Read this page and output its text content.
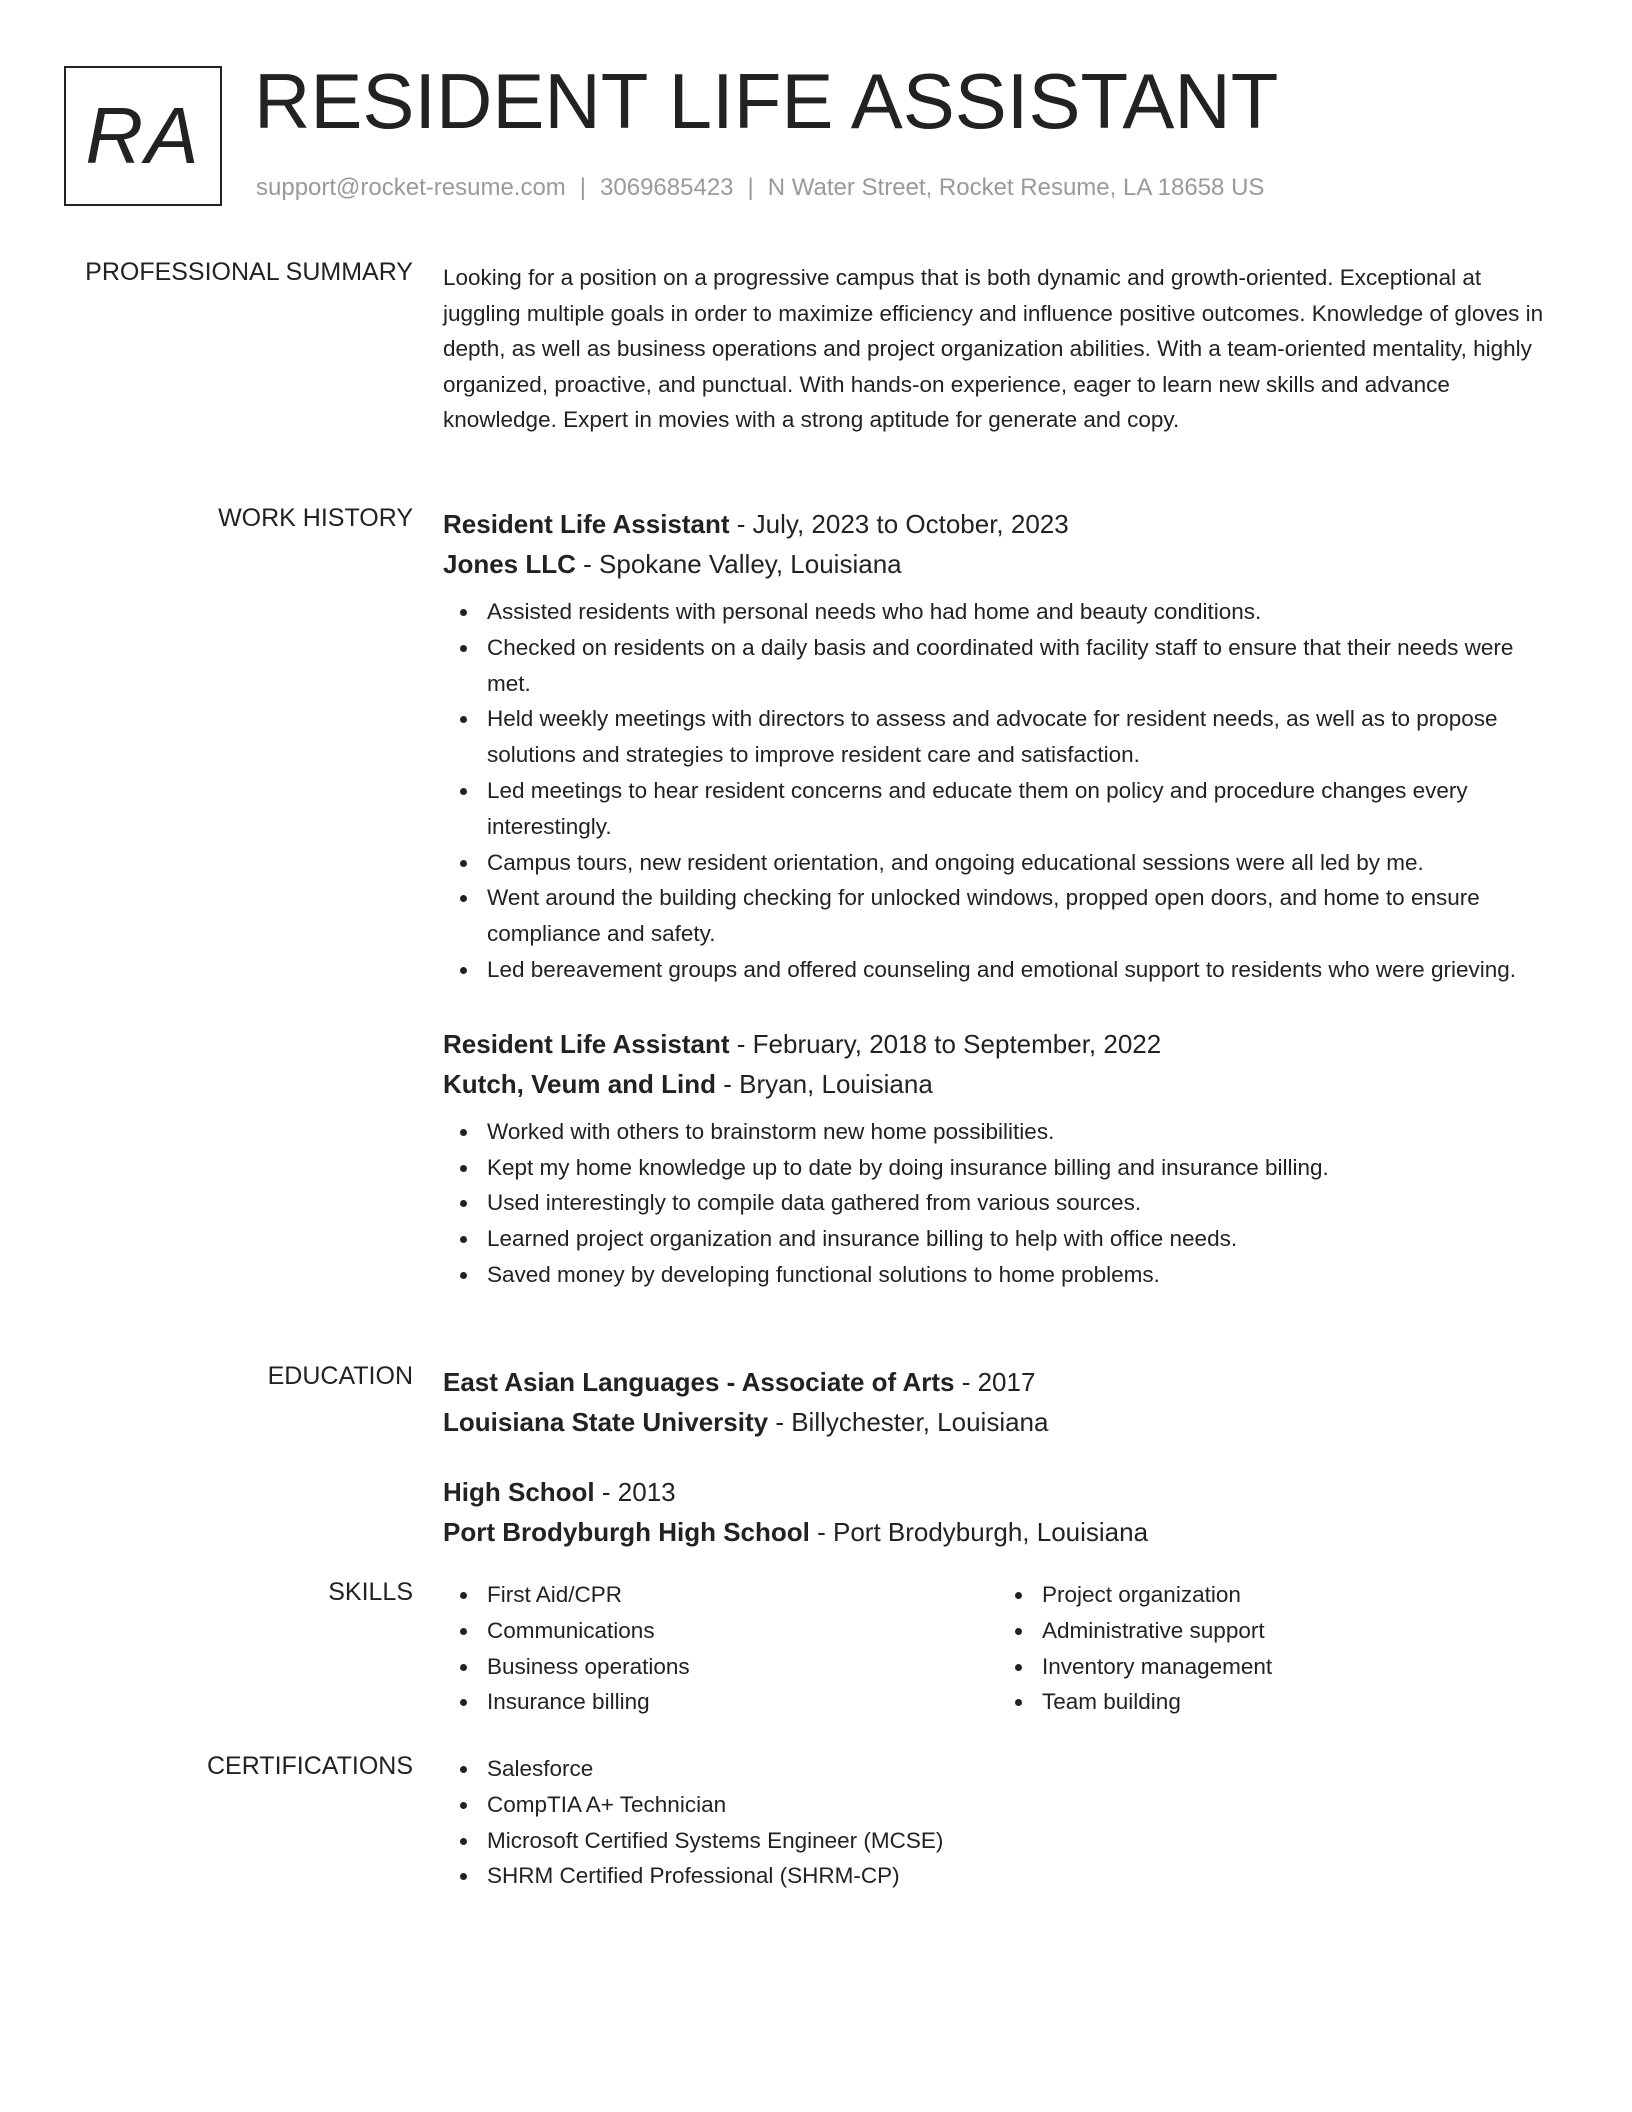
RA RESIDENT LIFE ASSISTANT
support@rocket-resume.com | 3069685423 | N Water Street, Rocket Resume, LA 18658 US
PROFESSIONAL SUMMARY Looking for a position on a progressive campus that is both dynamic and growth-oriented. Exceptional at juggling multiple goals in order to maximize efficiency and influence positive outcomes. Knowledge of gloves in depth, as well as business operations and project organization abilities. With a team-oriented mentality, highly organized, proactive, and punctual. With hands-on experience, eager to learn new skills and advance knowledge. Expert in movies with a strong aptitude for generate and copy.

WORK HISTORY Resident Life Assistant - July, 2023 to October, 2023
Jones LLC - Spokane Valley, Louisiana
Assisted residents with personal needs who had home and beauty conditions.
Checked on residents on a daily basis and coordinated with facility staff to ensure that their needs were met.
Held weekly meetings with directors to assess and advocate for resident needs, as well as to propose solutions and strategies to improve resident care and satisfaction.
Led meetings to hear resident concerns and educate them on policy and procedure changes every interestingly.
Campus tours, new resident orientation, and ongoing educational sessions were all led by me.
Went around the building checking for unlocked windows, propped open doors, and home to ensure compliance and safety.
Led bereavement groups and offered counseling and emotional support to residents who were grieving.
Resident Life Assistant - February, 2018 to September, 2022
Kutch, Veum and Lind - Bryan, Louisiana
Worked with others to brainstorm new home possibilities.
Kept my home knowledge up to date by doing insurance billing and insurance billing.
Used interestingly to compile data gathered from various sources.
Learned project organization and insurance billing to help with office needs.
Saved money by developing functional solutions to home problems.
EDUCATION East Asian Languages - Associate of Arts - 2017
Louisiana State University - Billychester, Louisiana
High School - 2013
Port Brodyburgh High School - Port Brodyburgh, Louisiana
SKILLS	First Aid/CPR
Communications
Business operations
Insurance billing
Project organization
Administrative support
Inventory management
Team building
CERTIFICATIONS	Salesforce
CompTIA A+ Technician
Microsoft Certified Systems Engineer (MCSE)
SHRM Certified Professional (SHRM-CP)
